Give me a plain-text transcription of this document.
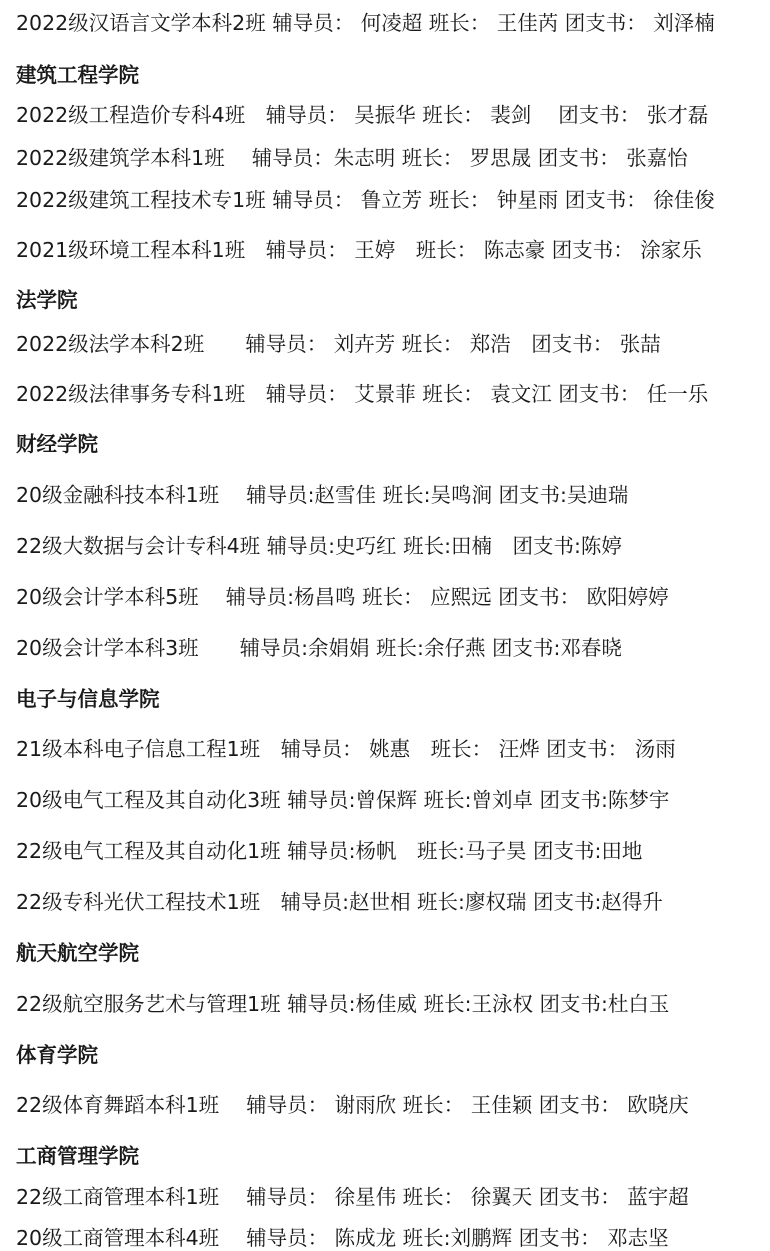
2022级汉语言文学本科2班 辅导员： 何凌超 班长： 王佳芮 团支书： 刘泽楠

建筑工程学院

2022级工程造价专科4班　辅导员： 吴振华 班长： 裴剑　 团支书： 张才磊

2022级建筑学本科1班　 辅导员：朱志明 班长： 罗思晟 团支书： 张嘉怡

2022级建筑工程技术专1班 辅导员： 鲁立芳 班长： 钟星雨 团支书： 徐佳俊

2021级环境工程本科1班　辅导员： 王婷　班长： 陈志豪 团支书： 涂家乐

法学院

2022级法学本科2班　　辅导员： 刘卉芳 班长： 郑浩　团支书： 张喆

2022级法律事务专科1班　辅导员： 艾景菲 班长： 袁文江 团支书： 任一乐

财经学院

20级金融科技本科1班　 辅导员:赵雪佳 班长:吴鸣涧 团支书:吴迪瑞

22级大数据与会计专科4班 辅导员:史巧红 班长:田楠　团支书:陈婷

20级会计学本科5班　 辅导员:杨昌鸣 班长： 应熙远 团支书： 欧阳婷婷

20级会计学本科3班　　辅导员:余娟娟 班长:余仔燕 团支书:邓春晓

电子与信息学院

21级本科电子信息工程1班　辅导员： 姚惠　班长： 汪烨 团支书： 汤雨

20级电气工程及其自动化3班 辅导员:曾保辉 班长:曾刘卓 团支书:陈梦宇

22级电气工程及其自动化1班 辅导员:杨帆　班长:马子昊 团支书:田地

22级专科光伏工程技术1班　辅导员:赵世相 班长:廖权瑞 团支书:赵得升

航天航空学院

22级航空服务艺术与管理1班 辅导员:杨佳威 班长:王泳权 团支书:杜白玉

体育学院

22级体育舞蹈本科1班　 辅导员： 谢雨欣 班长： 王佳颖 团支书： 欧晓庆

工商管理学院

22级工商管理本科1班　 辅导员： 徐星伟 班长： 徐翼天 团支书： 蓝宇超

20级工商管理本科4班　 辅导员： 陈成龙 班长:刘鹏辉 团支书： 邓志坚
